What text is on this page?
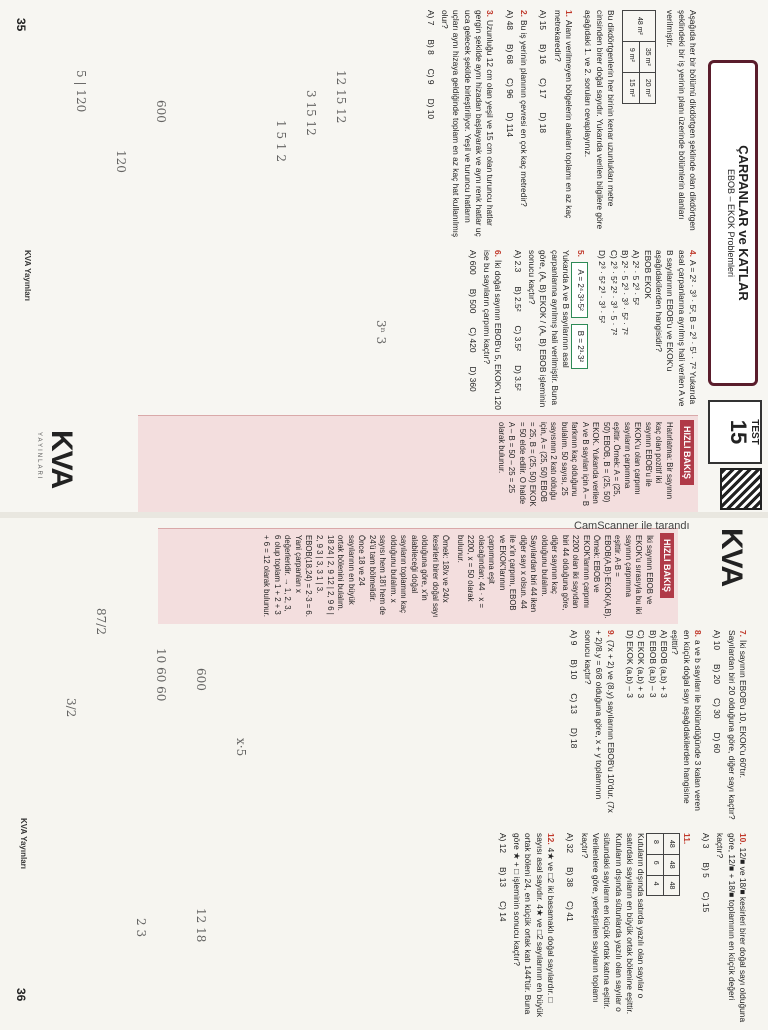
ÇARPANLAR ve KATLAR
EBOB – EKOK Problemleri
TEST
15
Aşağıda her bir bölümü dikdörtgen şeklinde olan dikdörtgen şeklindeki bir iş yerinin planı üzerinde bölümlerin alanları verilmiştir.
48 m²	35 m²	20 m²
	9 m²	15 m²
Bu dikdörtgenlerin her birinin kenar uzunlukları metre cinsinden birer doğal sayıdır. Yukarıda verilen bilgilere göre aşağıdaki 1. ve 2. soruları cevaplayınız.
1.Alanı verilmeyen bölgelerin alanları toplamı en az kaç metrekaredir?
A) 15
B) 16
C) 17
D) 18
2.Bu iş yerinin planının çevresi en çok kaç metredir?
A) 48
B) 68
C) 96
D) 114
3.Uzunluğu 12 cm olan yeşil ve 15 cm olan turuncu hatlar gergin şekilde aynı hizadan başlayarak ve aynı renk hatlar uç uca gelecek şekilde birleştiriliyor. Yeşil ve turuncu hatların uçları aynı hizaya geldiğinde toplam en az kaç hat kullanılmış olur?
A) 7
B) 8
C) 9
D) 10
4.A = 2² · 3³ · 5², B = 2³ · 5¹ · 7² Yukarıda asal çarpanlarına ayrılmış hali verilen A ve B sayılarının EBOB'u ve EKOK'u aşağıdakilerden hangisidir?
EBOB EKOK
A) 2² · 5 2³ · 5²
B) 2² · 5 2³ · 3³ · 5² · 7²
C) 2³ · 5² 2² · 3³ · 5 · 7²
D) 2³ · 5² 2³ · 3³ · 5²
5. A = 2⁴·3³·5²B = 2³·3²
Yukarıda A ve B sayılarının asal çarpanlarına ayrılmış hali verilmiştir. Buna göre, (A, B) EKOK / (A, B) EBOB işleminin sonucu kaçtır?
A) 2.3
B) 2.5²
C) 3.5²
D) 3.5²
6.İki doğal sayının EBOB'u 5, EKOK'u 120 ise bu sayıların çarpımı kaçtır?
A) 600
B) 500
C) 420
D) 360
HIZLI BAKIŞ
Hatırlatma: Bir sayının kaç olan pozitif iki sayının EBOB'u ile EKOK'u olan çarpımı sayıların çarpımına eşittir. Örnek: A = (25, 50) EBOB, B = (25, 50) EKOK. Yukarıda verilen A ve B sayıları için A – B farkının kaç olduğunu bulalım. 50 sayısı, 25 sayısının 2 katı olduğu için, A = (25, 50) EBOB = 25, B = (25, 50) EKOK = 50 elde edilir. O halde A – B = 50 – 25 = 25 olarak bulunur.
KVA Yayınları
35
KVA
YAYINLARI
12 15 12
3 15 12
1 5 1 2
3ⁿ 3
120
600
5 | 120
CamScanner ile tarandı
KVA
HIZLI BAKIŞ
İki sayının EBOB ve EKOK'u sırasıyla bu iki sayının çarpımına eşittir. A·B = EBOB(A,B)·EKOK(A,B). Örnek: EBOB ve EKOK'larının çarpımı 2200 olan iki sayıdan biri 44 olduğuna göre, diğer sayının kaç olduğunu bulalım. Sayılardan biri 44 iken diğer sayı x olsun. 44 ile x'in çarpımı, EBOB ve EKOK'larının çarpımına eşit olacağından; 44 · x = 2200, x = 50 olarak bulunur.
Örnek: 18/x ve 24/x kesirleri birer doğal sayı olduğuna göre, x'in alabileceği doğal sayıların toplamını kaç olduğunu bulalım. x sayısı hem 18'i hem de 24'ü tam bölmelidir. Önce 18 ve 24 sayılarının en büyük ortak bölenini bulalım. 18 24 | 2, 9 12 | 2, 9 6 | 2, 9 3 | 3, 3 1 | 3. EBOB(18,24) = 2·3 = 6. Yani çarpanları x değerleridir. → 1, 2, 3, 6 olup toplam 1 + 2 + 3 + 6 = 12 olarak bulunur.
7.İki sayının EBOB'u 10, EKOK'u 60'tır. Sayılardan biri 20 olduğuna göre, diğer sayı kaçtır?
A) 10
B) 20
C) 30
D) 60
8.a ve b sayıları ile bölündüğünde 3 kalan veren en küçük doğal sayı aşağıdakilerden hangisine eşittir?
A) EBOB (a,b) + 3
B) EBOB (a,b) – 3
C) EKOK (a,b) + 3
D) EKOK (a,b) – 3
9.(7x + 2) ve (8.y) sayılarının EBOB'u 10'dur. (7x + 2)/8.y = 6/8 olduğuna göre, x + y toplamının sonucu kaçtır?
A) 9
B) 10
C) 13
D) 18
10.12/■ ve 18/■ kesirleri birer doğal sayı olduğuna göre, 12/■ + 18/■ toplamının en küçük değeri kaçtır?
A) 3
B) 5
C) 15
11.
48	48	48
8	6	4
Kutuların dışında satırda yazılı olan sayılar o satırdaki sayıların en büyük ortak bölenine eşittir. Kutuların dışında sütunlarda yazılı olan sayılar o sütundaki sayıların en küçük ortak katına eşittir. Verilenlere göre, yerleştirilen sayıların toplamı kaçtır?
A) 32
B) 38
C) 41
12.4★ ve □2 iki basamaklı doğal sayılardır. □ sayısı asal sayıdır. 4★ ve □2 sayılarının en büyük ortak böleni 24, en küçük ortak katı 144'tür. Buna göre ★ + □ işleminin sonucu kaçtır?
A) 12
B) 13
C) 14
KVA Yayınları
36
600
10 60 60
87/2
x·5
3/2
12 18
2 3
